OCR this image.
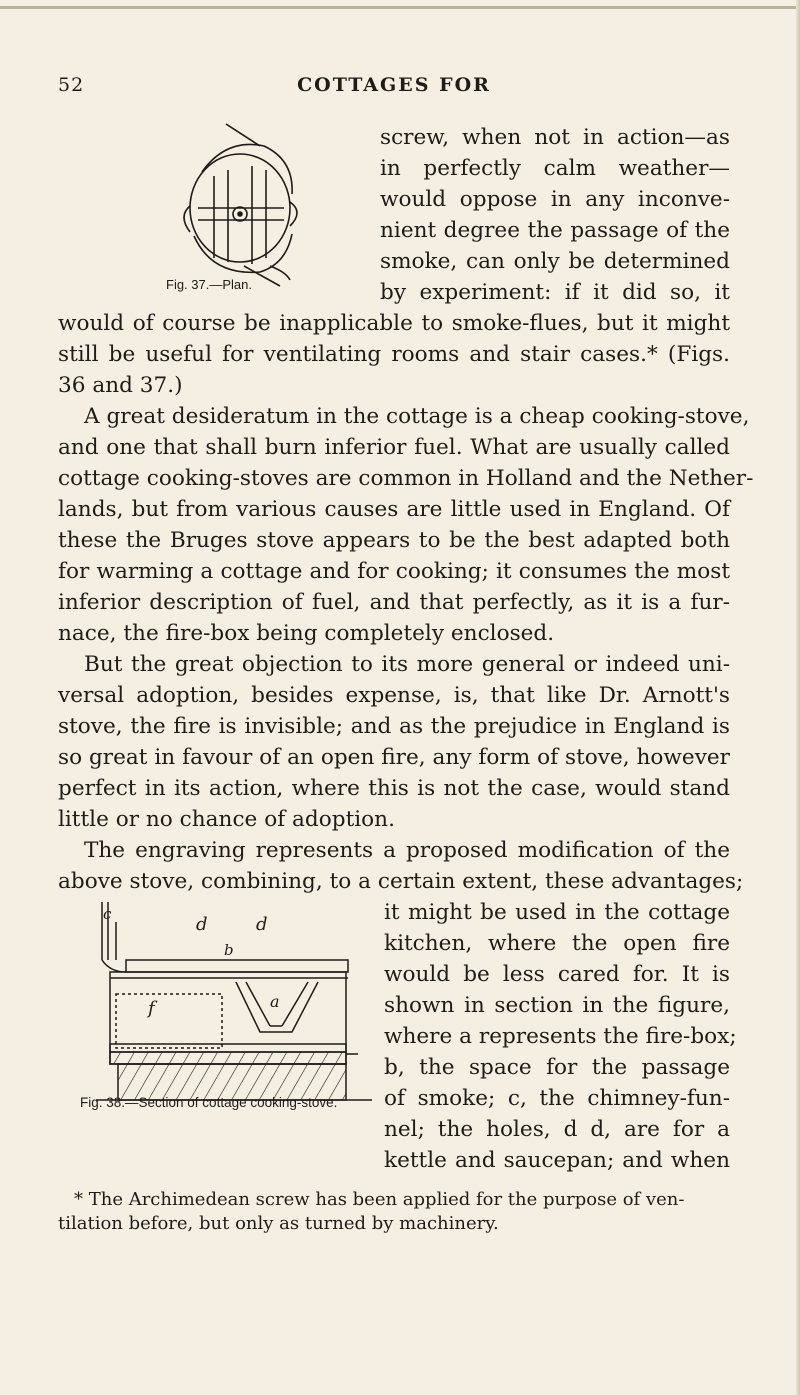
52	COTTAGES FOR
Fig. 37.—Plan.
c	d	d
b
f	a
Fig. 38.—Section of cottage cooking-stove.
screw, when not in action—as
in perfectly calm weather—
would oppose in any inconve-
nient degree the passage of the
smoke, can only be determined
by experiment: if it did so, it
would of course be inapplicable to smoke-flues, but it might
still be useful for ventilating rooms and stair cases.* (Figs.
36 and 37.)
A great desideratum in the cottage is a cheap cooking-stove,
and one that shall burn inferior fuel. What are usually called
cottage cooking-stoves are common in Holland and the Nether-
lands, but from various causes are little used in England. Of
these the Bruges stove appears to be the best adapted both
for warming a cottage and for cooking; it consumes the most
inferior description of fuel, and that perfectly, as it is a fur-
nace, the fire-box being completely enclosed.
But the great objection to its more general or indeed uni-
versal adoption, besides expense, is, that like Dr. Arnott's
stove, the fire is invisible; and as the prejudice in England is
so great in favour of an open fire, any form of stove, however
perfect in its action, where this is not the case, would stand
little or no chance of adoption.
The engraving represents a proposed modification of the
above stove, combining, to a certain extent, these advantages;
it might be used in the cottage
kitchen, where the open fire
would be less cared for. It is
shown in section in the figure,
where a represents the fire-box;
b, the space for the passage
of smoke; c, the chimney-fun-
nel; the holes, d d, are for a
kettle and saucepan; and when
* The Archimedean screw has been applied for the purpose of ven-
tilation before, but only as turned by machinery.
